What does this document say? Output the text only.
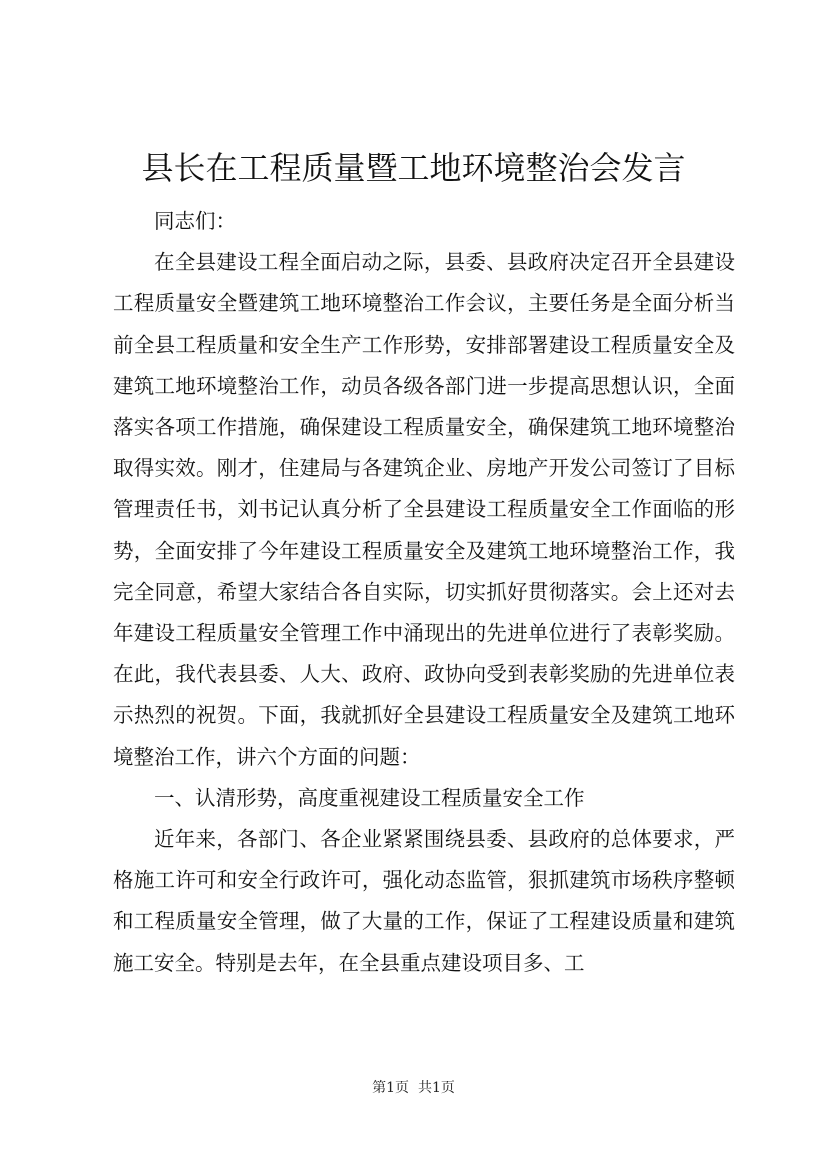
县长在工程质量暨工地环境整治会发言

同志们：

在全县建设工程全面启动之际，县委、县政府决定召开全县建设工程质量安全暨建筑工地环境整治工作会议，主要任务是全面分析当前全县工程质量和安全生产工作形势，安排部署建设工程质量安全及建筑工地环境整治工作，动员各级各部门进一步提高思想认识，全面落实各项工作措施，确保建设工程质量安全，确保建筑工地环境整治取得实效。刚才，住建局与各建筑企业、房地产开发公司签订了目标管理责任书，刘书记认真分析了全县建设工程质量安全工作面临的形势，全面安排了今年建设工程质量安全及建筑工地环境整治工作，我完全同意，希望大家结合各自实际，切实抓好贯彻落实。会上还对去年建设工程质量安全管理工作中涌现出的先进单位进行了表彰奖励。在此，我代表县委、人大、政府、政协向受到表彰奖励的先进单位表示热烈的祝贺。下面，我就抓好全县建设工程质量安全及建筑工地环境整治工作，讲六个方面的问题：

一、认清形势，高度重视建设工程质量安全工作

近年来，各部门、各企业紧紧围绕县委、县政府的总体要求，严格施工许可和安全行政许可，强化动态监管，狠抓建筑市场秩序整顿和工程质量安全管理，做了大量的工作，保证了工程建设质量和建筑施工安全。特别是去年，在全县重点建设项目多、工

第1页  共1页
